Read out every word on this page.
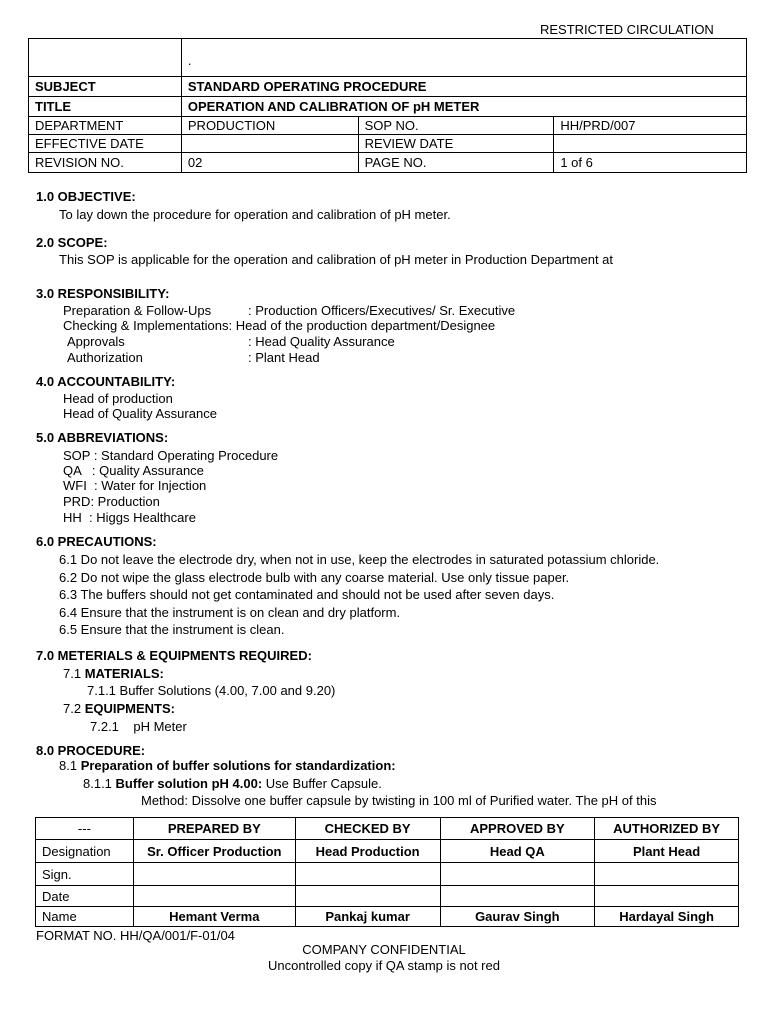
RESTRICTED CIRCULATION
	.		
SUBJECT	STANDARD OPERATING PROCEDURE		
TITLE	OPERATION AND CALIBRATION OF pH METER		
DEPARTMENT	PRODUCTION	SOP NO.	HH/PRD/007
EFFECTIVE DATE		REVIEW DATE	
REVISION NO.	02	PAGE NO.	1 of 6
1.0 OBJECTIVE:
To lay down the procedure for operation and calibration of pH meter.
2.0 SCOPE:
This SOP is applicable for the operation and calibration of pH meter in Production Department at
3.0 RESPONSIBILITY:
Preparation & Follow-Ups	: Production Officers/Executives/ Sr. Executive
Checking & Implementations: Head of the production department/Designee
Approvals	: Head Quality Assurance
Authorization	: Plant Head
4.0 ACCOUNTABILITY:
Head of production
Head of Quality Assurance
5.0 ABBREVIATIONS:
SOP : Standard Operating Procedure
QA   : Quality Assurance
WFI  : Water for Injection
PRD: Production
HH  : Higgs Healthcare
6.0 PRECAUTIONS:
6.1 Do not leave the electrode dry, when not in use, keep the electrodes in saturated potassium chloride.
6.2 Do not wipe the glass electrode bulb with any coarse material. Use only tissue paper.
6.3 The buffers should not get contaminated and should not be used after seven days.
6.4 Ensure that the instrument is on clean and dry platform.
6.5 Ensure that the instrument is clean.
7.0 METERIALS & EQUIPMENTS REQUIRED:
7.1 MATERIALS:
7.1.1 Buffer Solutions (4.00, 7.00 and 9.20)
7.2 EQUIPMENTS:
7.2.1    pH Meter
8.0 PROCEDURE:
8.1 Preparation of buffer solutions for standardization:
8.1.1 Buffer solution pH 4.00: Use Buffer Capsule.
Method: Dissolve one buffer capsule by twisting in 100 ml of Purified water. The pH of this
---	PREPARED BY	CHECKED BY	APPROVED BY	AUTHORIZED BY
Designation	Sr. Officer Production	Head Production	Head QA	Plant Head
Sign.				
Date				
Name	Hemant Verma	Pankaj kumar	Gaurav Singh	Hardayal Singh
FORMAT NO. HH/QA/001/F-01/04
COMPANY CONFIDENTIAL
Uncontrolled copy if QA stamp is not red
